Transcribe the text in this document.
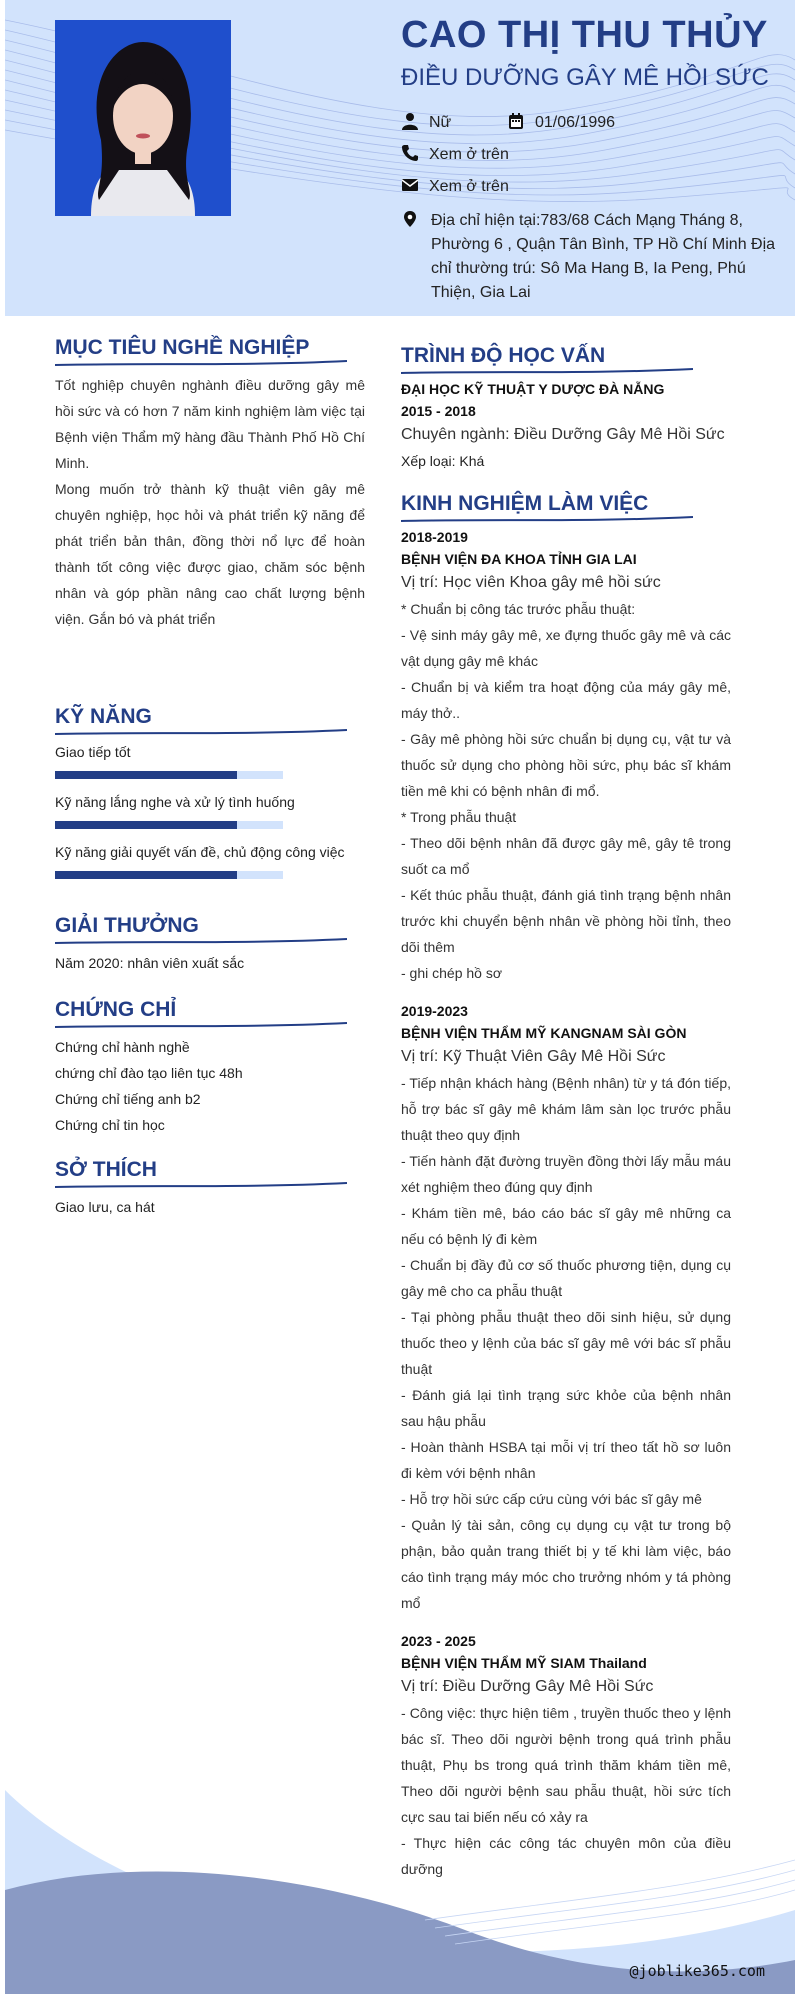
CAO THỊ THU THỦY
ĐIỀU DƯỠNG GÂY MÊ HỒI SỨC
Nữ	01/06/1996
Xem ở trên
Xem ở trên
Địa chỉ hiện tại:783/68 Cách Mạng Tháng 8, Phường 6 , Quận Tân Bình, TP Hồ Chí Minh Địa chỉ thường trú: Sô Ma Hang B, Ia Peng, Phú Thiện, Gia Lai
MỤC TIÊU NGHỀ NGHIỆP

Tốt nghiệp chuyên nghành điều dưỡng gây mê hồi sức và có hơn 7 năm kinh nghiệm làm việc tại Bệnh viện Thẩm mỹ hàng đầu Thành Phố Hồ Chí Minh.

Mong muốn trở thành kỹ thuật viên gây mê chuyên nghiệp, học hỏi và phát triển kỹ năng để phát triển bản thân, đồng thời nổ lực để hoàn thành tốt công việc được giao, chăm sóc bệnh nhân và góp phần nâng cao chất lượng bệnh viện. Gắn bó và phát triển

KỸ NĂNG
Giao tiếp tốt
Kỹ năng lắng nghe và xử lý tình huống
Kỹ năng giải quyết vấn đề, chủ động công việc
GIẢI THƯỞNG

Năm 2020: nhân viên xuất sắc

CHỨNG CHỈ

Chứng chỉ hành nghề

chứng chỉ đào tạo liên tục 48h

Chứng chỉ tiếng anh b2

Chứng chỉ tin học

SỞ THÍCH

Giao lưu, ca hát

TRÌNH ĐỘ HỌC VẤN

ĐẠI HỌC KỸ THUẬT Y DƯỢC ĐÀ NẴNG

2015 - 2018

Chuyên ngành: Điều Dưỡng Gây Mê Hồi Sức

Xếp loại: Khá

KINH NGHIỆM LÀM VIỆC

2018-2019

BỆNH VIỆN ĐA KHOA TỈNH GIA LAI

Vị trí: Học viên Khoa gây mê hồi sức

* Chuẩn bị công tác trước phẫu thuật:

- Vệ sinh máy gây mê, xe đựng thuốc gây mê và các vật dụng gây mê khác

- Chuẩn bị và kiểm tra hoạt động của máy gây mê, máy thở..

- Gây mê phòng hồi sức chuẩn bị dụng cụ, vật tư và thuốc sử dụng cho phòng hồi sức, phụ bác sĩ khám tiền mê khi có bệnh nhân đi mổ.

* Trong phẫu thuật

- Theo dõi bệnh nhân đã được gây mê, gây tê trong suốt ca mổ

- Kết thúc phẫu thuật, đánh giá tình trạng bệnh nhân trước khi chuyển bệnh nhân về phòng hồi tỉnh, theo dõi thêm

- ghi chép hồ sơ

2019-2023

BỆNH VIỆN THẨM MỸ KANGNAM SÀI GÒN

Vị trí: Kỹ Thuật Viên Gây Mê Hồi Sức

- Tiếp nhận khách hàng (Bệnh nhân) từ y tá đón tiếp, hỗ trợ bác sĩ gây mê khám lâm sàn lọc trước phẫu thuật theo quy định

- Tiến hành đặt đường truyền đồng thời lấy mẫu máu xét nghiệm theo đúng quy định

- Khám tiền mê, báo cáo bác sĩ gây mê những ca nếu có bệnh lý đi kèm

- Chuẩn bị đầy đủ cơ số thuốc phương tiện, dụng cụ gây mê cho ca phẫu thuật

- Tại phòng phẫu thuật theo dõi sinh hiệu, sử dụng thuốc theo y lệnh của bác sĩ gây mê với bác sĩ phẫu thuật

- Đánh giá lại tình trạng sức khỏe của bệnh nhân sau hậu phẫu

- Hoàn thành HSBA tại mỗi vị trí theo tất hồ sơ luôn đi kèm với bệnh nhân

- Hỗ trợ hồi sức cấp cứu cùng với bác sĩ gây mê

- Quản lý tài sản, công cụ dụng cụ vật tư trong bộ phận, bảo quản trang thiết bị y tế khi làm việc, báo cáo tình trạng máy móc cho trưởng nhóm y tá phòng mổ

2023 - 2025

BỆNH VIỆN THẨM MỸ SIAM Thailand

Vị trí: Điều Dưỡng Gây Mê Hồi Sức

- Công việc: thực hiện tiêm , truyền thuốc theo y lệnh bác sĩ. Theo dõi người bệnh trong quá trình phẫu thuật, Phụ bs trong quá trình thăm khám tiền mê, Theo dõi người bệnh sau phẫu thuật, hồi sức tích cực sau tai biến nếu có xảy ra

- Thực hiện các công tác chuyên môn của điều dưỡng

@joblike365.com
